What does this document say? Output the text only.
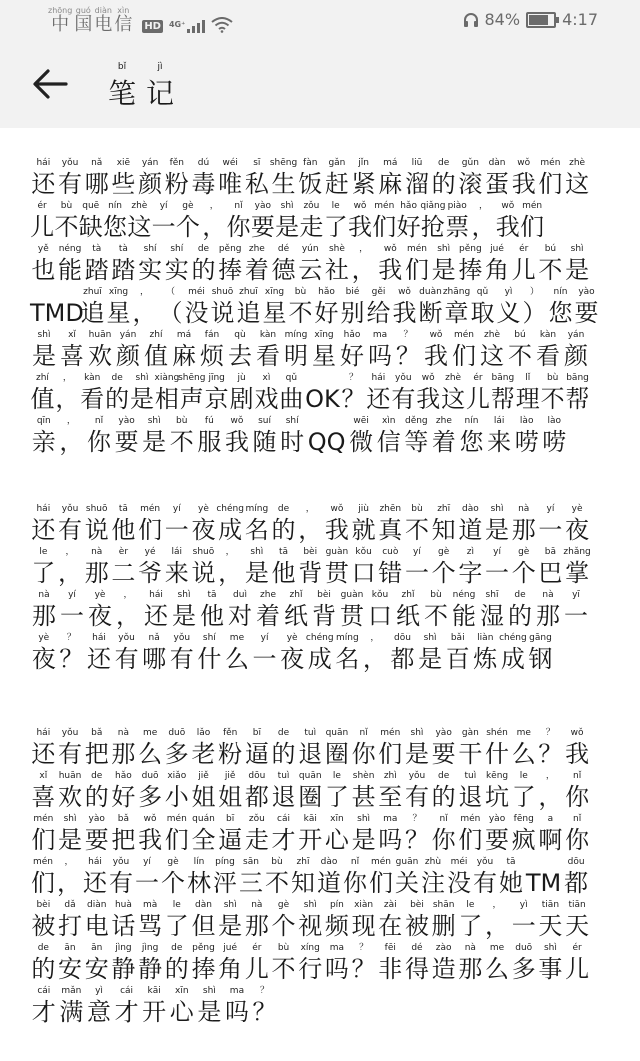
zhōng
中
guó
国
diàn
电
xìn
信 HD 4G⁺	84%	4:17
bǐ
笔
jì
记
hái
还
yǒu
有
nǎ
哪
xiē
些
yán
颜
fěn
粉
dú
毒
wéi
唯
sī
私
shēng
生
fàn
饭
gǎn
赶
jǐn
紧
má
麻
liū
溜
de
的
gǔn
滚
dàn
蛋
wǒ
我
mén
们
zhè
这
ér
儿
bù
不
quē
缺
nín
您
zhè
这
yí
一
gè
个
，
，
nǐ
你
yào
要
shì
是
zǒu
走
le
了
wǒ
我
mén
们
hǎo
好
qiǎng
抢
piào
票
，
，
wǒ
我
mén
们
yě
也
néng
能
tà
踏
tà
踏
shí
实
shí
实
de
的
pěng
捧
zhe
着
dé
德
yún
云
shè
社
，
，
wǒ
我
mén
们
shì
是
pěng
捧
jué
角
ér
儿
bú
不
shì
是
TMD
zhuī
追
xīng
星
，
，
（
（
méi
没
shuō
说
zhuī
追
xīng
星
bù
不
hǎo
好
bié
别
gěi
给
wǒ
我
duàn
断
zhāng
章
qǔ
取
yì
义
）
）
nín
您
yào
要
shì
是
xǐ
喜
huān
欢
yán
颜
zhí
值
má
麻
fán
烦
qù
去
kàn
看
míng
明
xīng
星
hǎo
好
ma
吗
？
？
wǒ
我
mén
们
zhè
这
bú
不
kàn
看
yán
颜
zhí
值
，
，
kàn
看
de
的
shì
是
xiàng
相
shēng
声
jīng
京
jù
剧
xì
戏
qǔ
曲 OK
？
？
hái
还
yǒu
有
wǒ
我
zhè
这
ér
儿
bāng
帮
lǐ
理
bù
不
bāng
帮
qīn
亲
，
，
nǐ
你
yào
要
shì
是
bù
不
fú
服
wǒ
我
suí
随
shí
时 QQ
wēi
微
xìn
信
děng
等
zhe
着
nín
您
lái
来
lào
唠
lào
唠
hái
还
yǒu
有
shuō
说
tā
他
mén
们
yí
一
yè
夜
chéng
成
míng
名
de
的
，
，
wǒ
我
jiù
就
zhēn
真
bù
不
zhī
知
dào
道
shì
是
nà
那
yí
一
yè
夜
le
了
，
，
nà
那
èr
二
yé
爷
lái
来
shuō
说
，
，
shì
是
tā
他
bèi
背
guàn
贯
kǒu
口
cuò
错
yí
一
gè
个
zì
字
yí
一
gè
个
bā
巴
zhǎng
掌
nà
那
yí
一
yè
夜
，
，
hái
还
shì
是
tā
他
duì
对
zhe
着
zhǐ
纸
bèi
背
guàn
贯
kǒu
口
zhǐ
纸
bù
不
néng
能
shī
湿
de
的
nà
那
yī
一
yè
夜
？
？
hái
还
yǒu
有
nǎ
哪
yǒu
有
shí
什
me
么
yí
一
yè
夜
chéng
成
míng
名
，
，
dōu
都
shì
是
bǎi
百
liàn
炼
chéng
成
gāng
钢
hái
还
yǒu
有
bǎ
把
nà
那
me
么
duō
多
lǎo
老
fěn
粉
bī
逼
de
的
tuì
退
quān
圈
nǐ
你
mén
们
shì
是
yào
要
gàn
干
shén
什
me
么
？
？
wǒ
我
xǐ
喜
huān
欢
de
的
hǎo
好
duō
多
xiǎo
小
jiě
姐
jiě
姐
dōu
都
tuì
退
quān
圈
le
了
shèn
甚
zhì
至
yǒu
有
de
的
tuì
退
kēng
坑
le
了
，
，
nǐ
你
mén
们
shì
是
yào
要
bǎ
把
wǒ
我
mén
们
quán
全
bī
逼
zǒu
走
cái
才
kāi
开
xīn
心
shì
是
ma
吗
？
？
nǐ
你
mén
们
yào
要
fēng
疯
a
啊
nǐ
你
mén
们
，
，
hái
还
yǒu
有
yí
一
gè
个
lín
林
píng
泙
sān
三
bù
不
zhī
知
dào
道
nǐ
你
mén
们
guān
关
zhù
注
méi
没
yǒu
有
tā
她 TM
dōu
都
bèi
被
dǎ
打
diàn
电
huà
话
mà
骂
le
了
dàn
但
shì
是
nà
那
gè
个
shì
视
pín
频
xiàn
现
zài
在
bèi
被
shān
删
le
了
，
，
yì
一
tiān
天
tiān
天
de
的
ān
安
ān
安
jìng
静
jìng
静
de
的
pěng
捧
jué
角
ér
儿
bù
不
xíng
行
ma
吗
？
？
fēi
非
dé
得
zào
造
nà
那
me
么
duō
多
shì
事
ér
儿
cái
才
mǎn
满
yì
意
cái
才
kāi
开
xīn
心
shì
是
ma
吗
？
？
